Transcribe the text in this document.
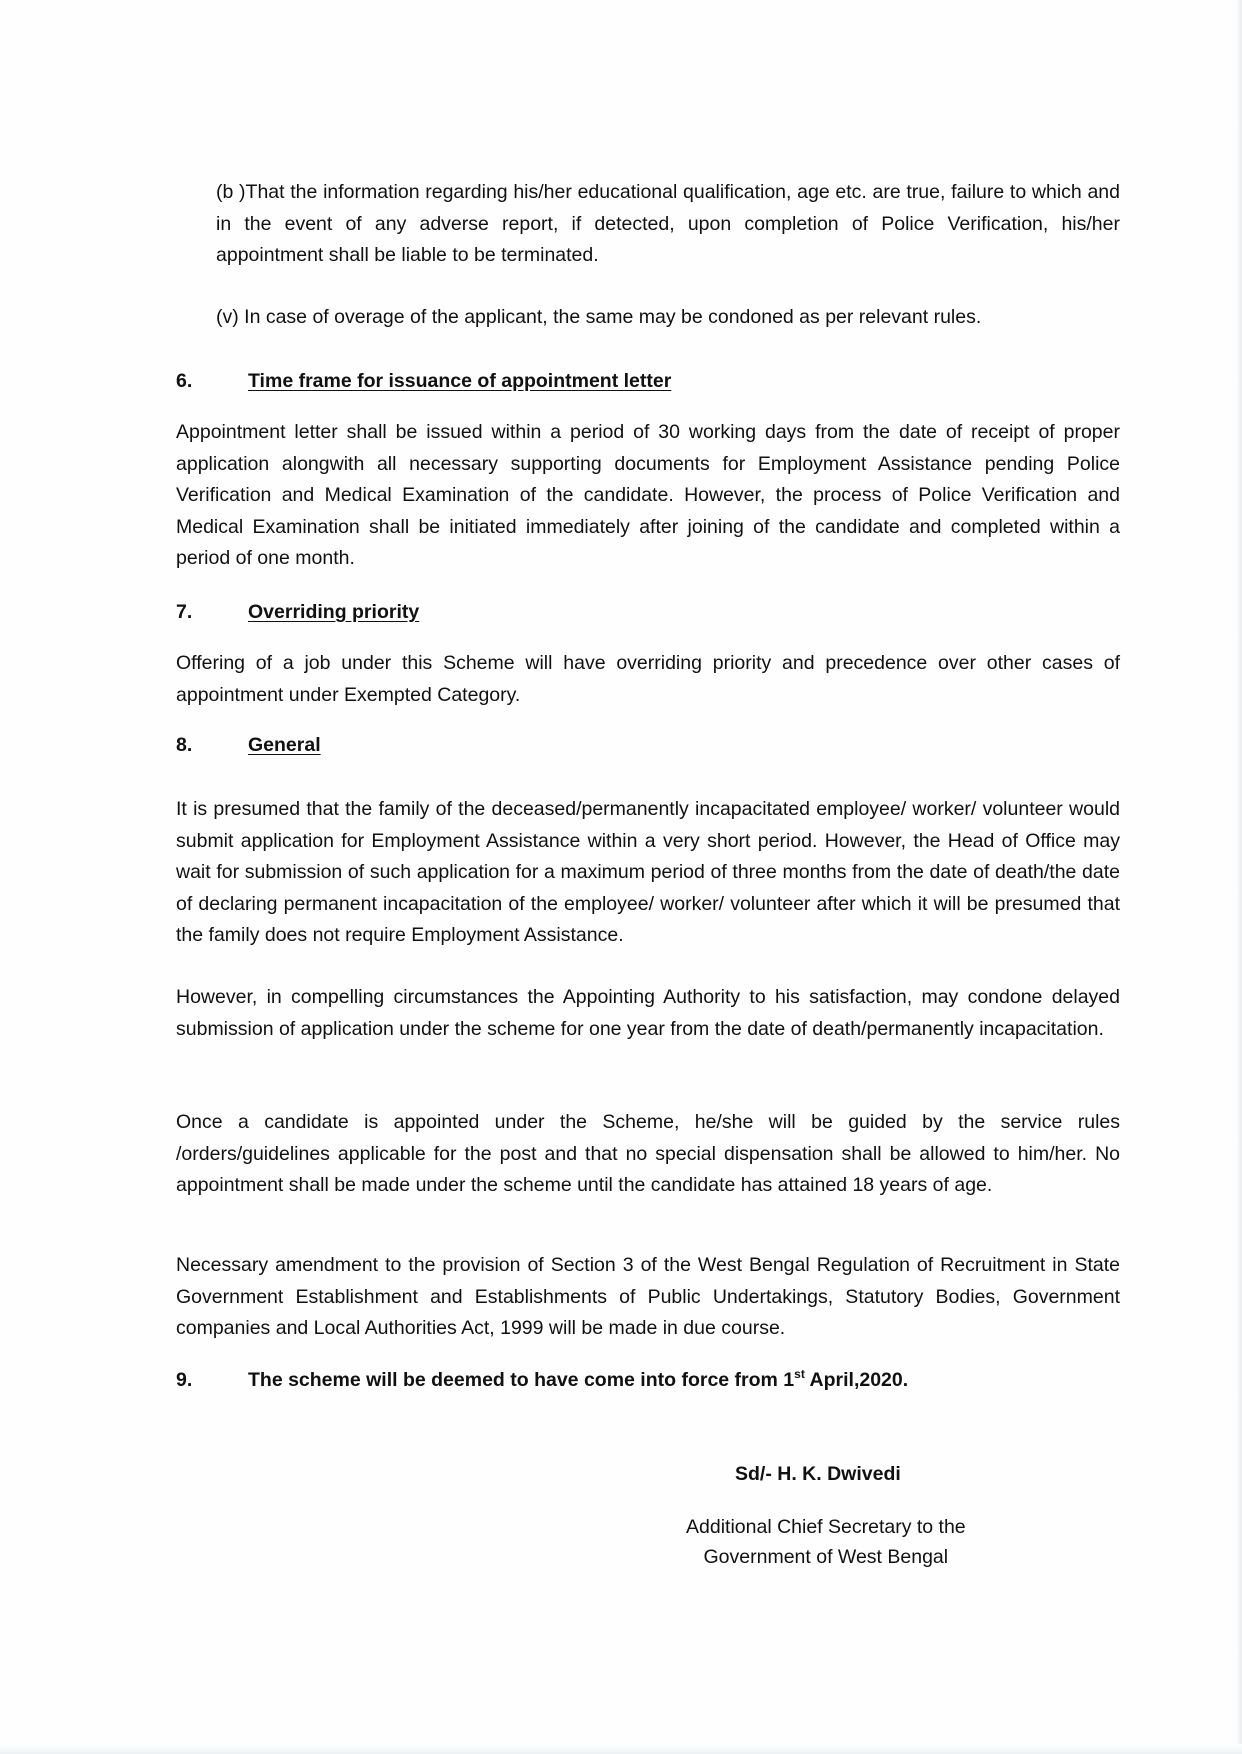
(b )That the information regarding his/her educational qualification, age etc. are true, failure to which and in the event of any adverse report, if detected, upon completion of Police Verification, his/her appointment shall be liable to be terminated.

(v) In case of overage of the applicant, the same may be condoned as per relevant rules.

6.	Time frame for issuance of appointment letter

Appointment letter shall be issued within a period of 30 working days from the date of receipt of proper application alongwith all necessary supporting documents for Employment Assistance pending Police Verification and Medical Examination of the candidate. However, the process of Police Verification and Medical Examination shall be initiated immediately after joining of the candidate and completed within a period of one month.

7.	Overriding priority

Offering of a job under this Scheme will have overriding priority and precedence over other cases of appointment under Exempted Category.

8.	General

It is presumed that the family of the deceased/permanently incapacitated employee/ worker/ volunteer would submit application for Employment Assistance within a very short period. However, the Head of Office may wait for submission of such application for a maximum period of three months from the date of death/the date of declaring permanent incapacitation of the employee/ worker/ volunteer after which it will be presumed that the family does not require Employment Assistance.

However, in compelling circumstances the Appointing Authority to his satisfaction, may condone delayed submission of application under the scheme for one year from the date of death/permanently incapacitation.

Once a candidate is appointed under the Scheme, he/she will be guided by the service rules /orders/guidelines applicable for the post and that no special dispensation shall be allowed to him/her. No appointment shall be made under the scheme until the candidate has attained 18 years of age.

Necessary amendment to the provision of Section 3 of the West Bengal Regulation of Recruitment in State Government Establishment and Establishments of Public Undertakings, Statutory Bodies, Government companies and Local Authorities Act, 1999 will be made in due course.

9.	The scheme will be deemed to have come into force from 1st April,2020.
Sd/- H. K. Dwivedi
Additional Chief Secretary to the
Government of West Bengal
